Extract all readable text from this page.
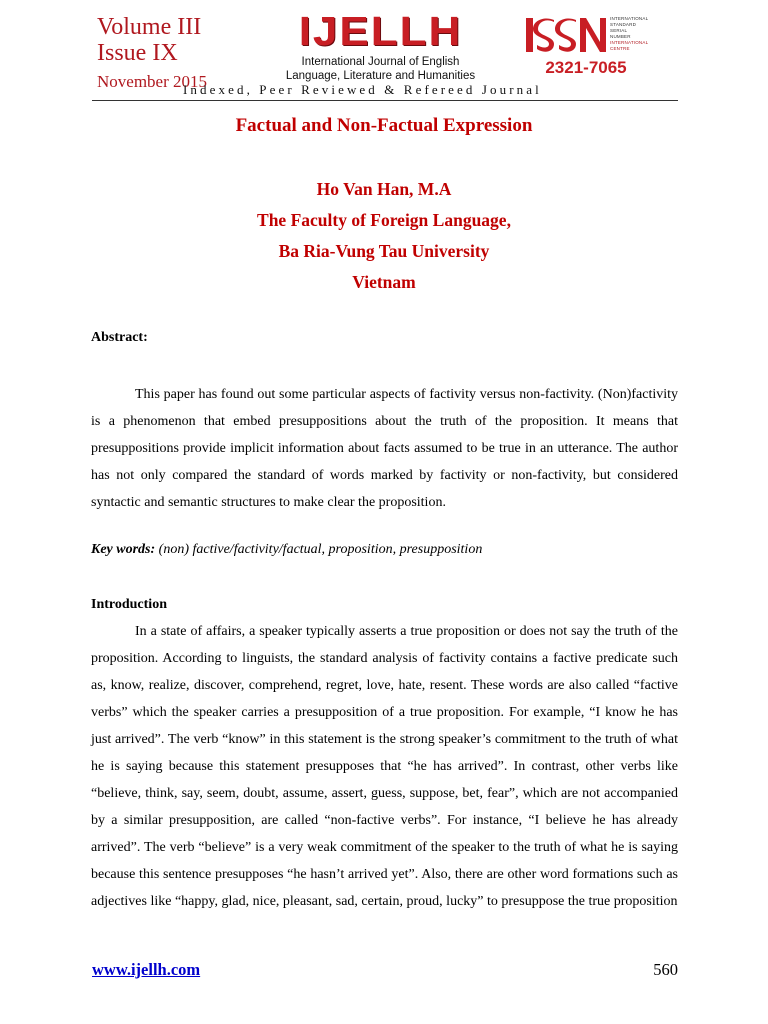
Volume III
Issue IX
November 2015
IJELLH
International Journal of English
Language, Literature and Humanities
INTERNATIONAL
STANDARD
SERIAL
NUMBER
INTERNATIONAL CENTRE
2321-7065
Indexed, Peer Reviewed & Refereed Journal
Factual and Non-Factual Expression
Ho Van Han, M.A
The Faculty of Foreign Language,
Ba Ria-Vung Tau University
Vietnam
Abstract:
This paper has found out some particular aspects of factivity versus non-factivity. (Non)factivity is a phenomenon that embed presuppositions about the truth of the proposition. It means that presuppositions provide implicit information about facts assumed to be true in an utterance. The author has not only compared the standard of words marked by factivity or non-factivity, but considered syntactic and semantic structures to make clear the proposition.
Key words: (non) factive/factivity/factual, proposition, presupposition
Introduction
In a state of affairs, a speaker typically asserts a true proposition or does not say the truth of the proposition. According to linguists, the standard analysis of factivity contains a factive predicate such as, know, realize, discover, comprehend, regret, love, hate, resent. These words are also called “factive verbs” which the speaker carries a presupposition of a true proposition. For example, “I know he has just arrived”. The verb “know” in this statement is the strong speaker’s commitment to the truth of what he is saying because this statement presupposes that “he has arrived”. In contrast, other verbs like “believe, think, say, seem, doubt, assume, assert, guess, suppose, bet, fear”, which are not accompanied by a similar presupposition, are called “non-factive verbs”. For instance, “I believe he has already arrived”. The verb “believe” is a very weak commitment of the speaker to the truth of what he is saying because this sentence presupposes “he hasn’t arrived yet”. Also, there are other word formations such as adjectives like “happy, glad, nice, pleasant, sad, certain, proud, lucky” to presuppose the true proposition
www.ijellh.com	560
